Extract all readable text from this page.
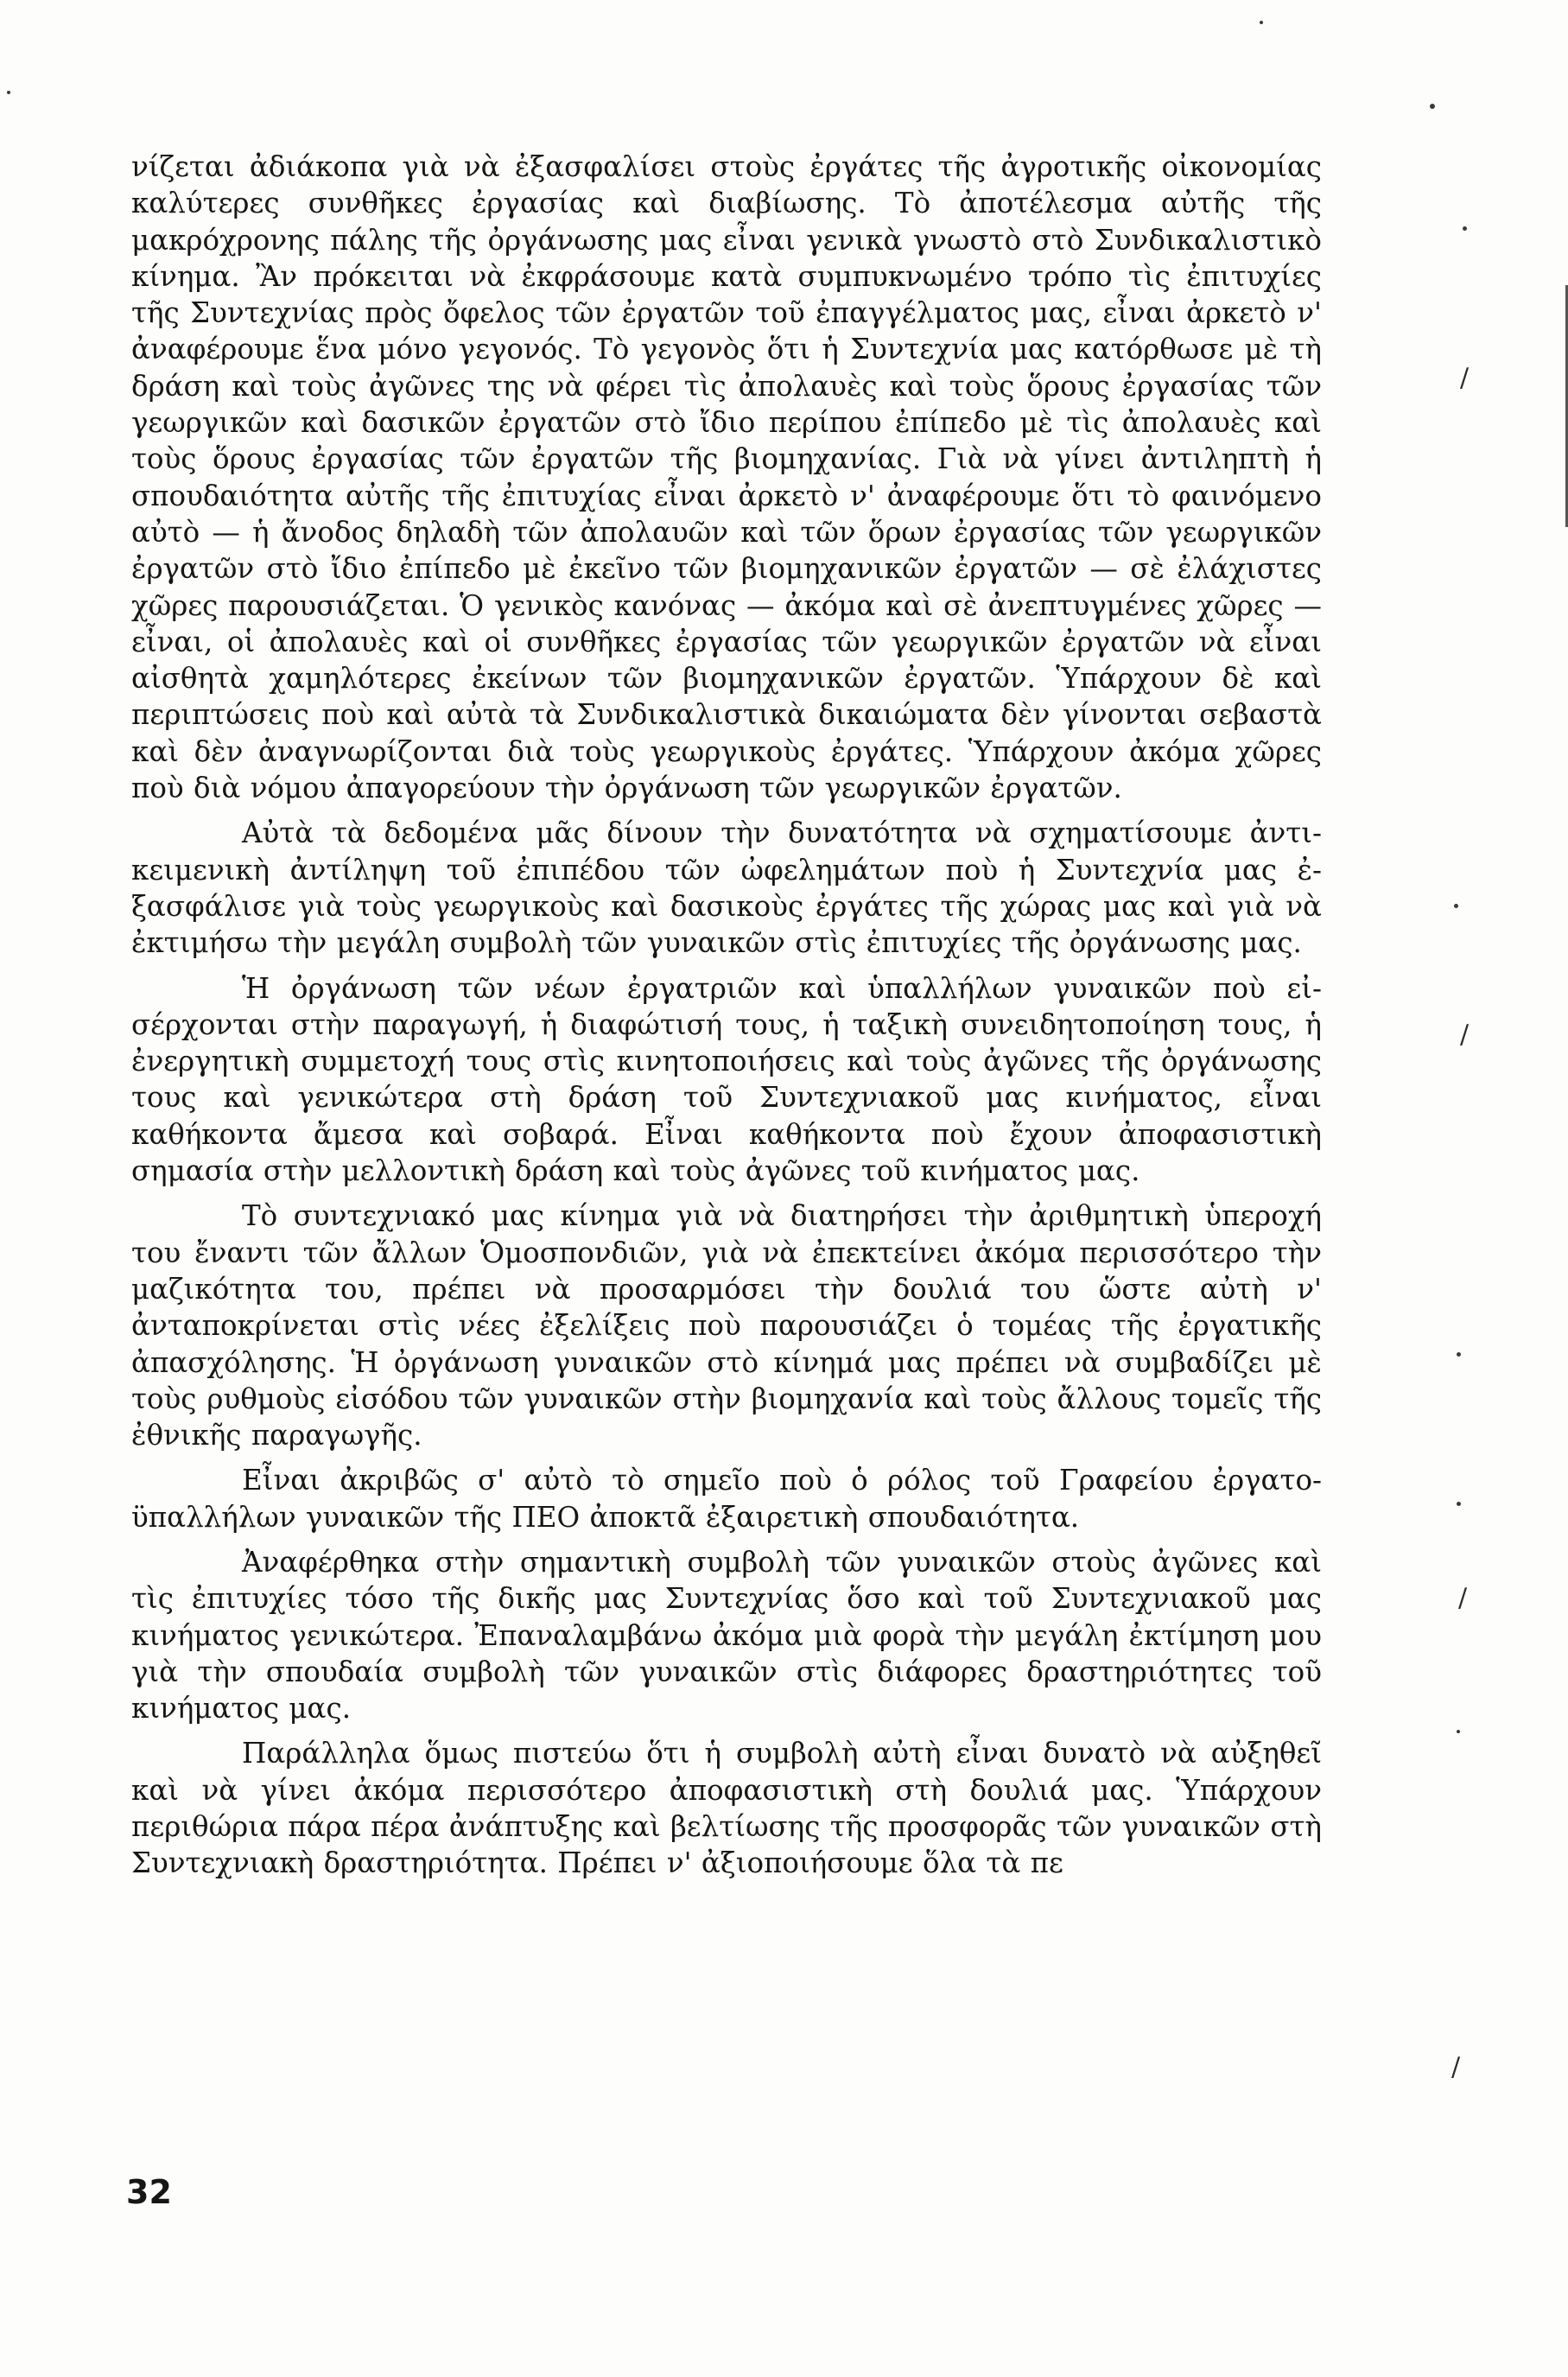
νίζεται ἀδιάκοπα γιὰ νὰ ἐξασφαλίσει στοὺς ἐργάτες τῆς ἀγροτικῆς οἰκονομίας καλύτερες συνθῆκες ἐργασίας καὶ διαβίωσης. Τὸ ἀποτέλεσμα αὐτῆς τῆς μακρόχρονης πάλης τῆς ὀργάνωσης μας εἶναι γενικὰ γνωστὸ στὸ Συνδικαλιστικὸ κίνημα. Ἂν πρόκειται νὰ ἐκφράσουμε κατὰ συμπυκνωμένο τρόπο τὶς ἐπιτυχίες τῆς Συντεχνίας πρὸς ὄφελος τῶν ἐργατῶν τοῦ ἐπαγγέλματος μας, εἶναι ἀρκετὸ ν' ἀναφέρουμε ἕνα μόνο γεγονός. Τὸ γεγονὸς ὅτι ἡ Συντεχνία μας κατόρθωσε μὲ τὴ δράση καὶ τοὺς ἀγῶνες της νὰ φέρει τὶς ἀπολαυὲς καὶ τοὺς ὅρους ἐργασίας τῶν γεωργικῶν καὶ δασικῶν ἐργατῶν στὸ ἴδιο περίπου ἐπίπεδο μὲ τὶς ἀπολαυὲς καὶ τοὺς ὅρους ἐργασίας τῶν ἐργατῶν τῆς βιομηχανίας. Γιὰ νὰ γίνει ἀντιληπτὴ ἡ σπουδαιότητα αὐτῆς τῆς ἐπιτυχίας εἶναι ἀρκετὸ ν' ἀναφέρουμε ὅτι τὸ φαινόμενο αὐτὸ — ἡ ἄνοδος δηλαδὴ τῶν ἀπολαυῶν καὶ τῶν ὅρων ἐργασίας τῶν γεωργικῶν ἐργατῶν στὸ ἴδιο ἐπίπεδο μὲ ἐκεῖνο τῶν βιομηχανικῶν ἐργατῶν — σὲ ἐλάχιστες χῶρες παρουσιάζεται. Ὁ γενικὸς κανόνας — ἀκόμα καὶ σὲ ἀνεπτυγμένες χῶρες — εἶναι, οἱ ἀπολαυὲς καὶ οἱ συνθῆκες ἐργασίας τῶν γεωργικῶν ἐργατῶν νὰ εἶναι αἰσθητὰ χαμηλότερες ἐκείνων τῶν βιομηχανικῶν ἐργατῶν. Ὑπάρχουν δὲ καὶ περιπτώσεις ποὺ καὶ αὐτὰ τὰ Συνδικαλιστικὰ δικαιώματα δὲν γίνονται σεβαστὰ καὶ δὲν ἀναγνωρίζονται διὰ τοὺς γεωργικοὺς ἐργάτες. Ὑπάρχουν ἀκόμα χῶρες ποὺ διὰ νόμου ἀπαγορεύουν τὴν ὀργάνωση τῶν γεωργικῶν ἐργατῶν.

Αὐτὰ τὰ δεδομένα μᾶς δίνουν τὴν δυνατότητα νὰ σχηματίσουμε ἀντικειμενικὴ ἀντίληψη τοῦ ἐπιπέδου τῶν ὠφελημάτων ποὺ ἡ Συντεχνία μας ἐξασφάλισε γιὰ τοὺς γεωργικοὺς καὶ δασικοὺς ἐργάτες τῆς χώρας μας καὶ γιὰ νὰ ἐκτιμήσω τὴν μεγάλη συμβολὴ τῶν γυναικῶν στὶς ἐπιτυχίες τῆς ὀργάνωσης μας.

Ἡ ὀργάνωση τῶν νέων ἐργατριῶν καὶ ὑπαλλήλων γυναικῶν ποὺ εἰσέρχονται στὴν παραγωγή, ἡ διαφώτισή τους, ἡ ταξικὴ συνειδητοποίηση τους, ἡ ἐνεργητικὴ συμμετοχή τους στὶς κινητοποιήσεις καὶ τοὺς ἀγῶνες τῆς ὀργάνωσης τους καὶ γενικώτερα στὴ δράση τοῦ Συντεχνιακοῦ μας κινήματος, εἶναι καθήκοντα ἄμεσα καὶ σοβαρά. Εἶναι καθήκοντα ποὺ ἔχουν ἀποφασιστικὴ σημασία στὴν μελλοντικὴ δράση καὶ τοὺς ἀγῶνες τοῦ κινήματος μας.

Τὸ συντεχνιακό μας κίνημα γιὰ νὰ διατηρήσει τὴν ἀριθμητικὴ ὑπεροχή του ἔναντι τῶν ἄλλων Ὁμοσπονδιῶν, γιὰ νὰ ἐπεκτείνει ἀκόμα περισσότερο τὴν μαζικότητα του, πρέπει νὰ προσαρμόσει τὴν δουλιά του ὥστε αὐτὴ ν' ἀνταποκρίνεται στὶς νέες ἐξελίξεις ποὺ παρουσιάζει ὁ τομέας τῆς ἐργατικῆς ἀπασχόλησης. Ἡ ὀργάνωση γυναικῶν στὸ κίνημά μας πρέπει νὰ συμβαδίζει μὲ τοὺς ρυθμοὺς εἰσόδου τῶν γυναικῶν στὴν βιομηχανία καὶ τοὺς ἄλλους τομεῖς τῆς ἐθνικῆς παραγωγῆς.

Εἶναι ἀκριβῶς σ' αὐτὸ τὸ σημεῖο ποὺ ὁ ρόλος τοῦ Γραφείου ἐργατοϋπαλλήλων γυναικῶν τῆς ΠΕΟ ἀποκτᾶ ἐξαιρετικὴ σπουδαιότητα.

Ἀναφέρθηκα στὴν σημαντικὴ συμβολὴ τῶν γυναικῶν στοὺς ἀγῶνες καὶ τὶς ἐπιτυχίες τόσο τῆς δικῆς μας Συντεχνίας ὅσο καὶ τοῦ Συντεχνιακοῦ μας κινήματος γενικώτερα. Ἐπαναλαμβάνω ἀκόμα μιὰ φορὰ τὴν μεγάλη ἐκτίμηση μου γιὰ τὴν σπουδαία συμβολὴ τῶν γυναικῶν στὶς διάφορες δραστηριότητες τοῦ κινήματος μας.

Παράλληλα ὅμως πιστεύω ὅτι ἡ συμβολὴ αὐτὴ εἶναι δυνατὸ νὰ αὐξηθεῖ καὶ νὰ γίνει ἀκόμα περισσότερο ἀποφασιστικὴ στὴ δουλιά μας. Ὑπάρχουν περιθώρια πάρα πέρα ἀνάπτυξης καὶ βελτίωσης τῆς προσφορᾶς τῶν γυναικῶν στὴ Συντεχνιακὴ δραστηριότητα. Πρέπει ν' ἀξιοποιήσουμε ὅλα τὰ πε

32
/
/
/
/
